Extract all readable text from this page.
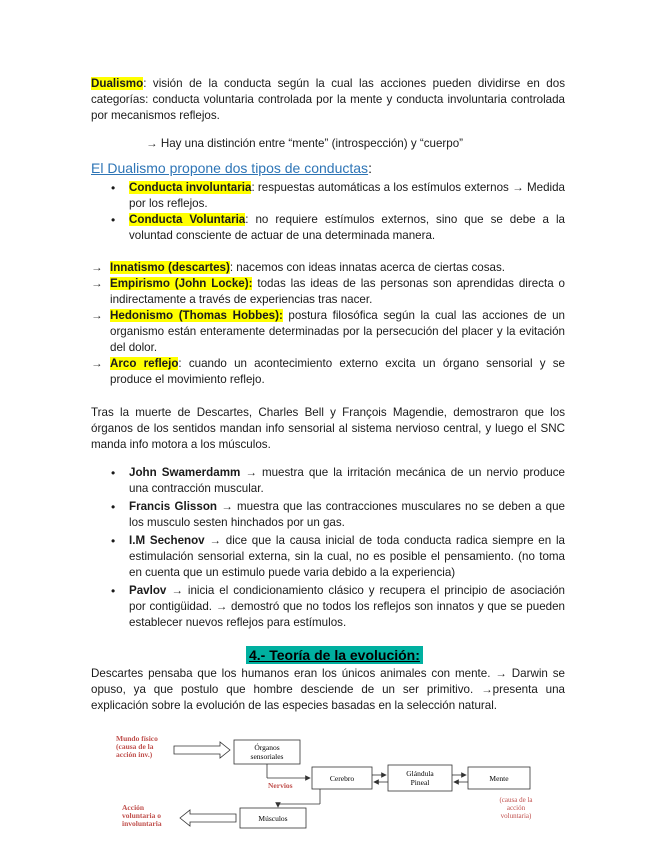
Dualismo: visión de la conducta según la cual las acciones pueden dividirse en dos categorías: conducta voluntaria controlada por la mente y conducta involuntaria controlada por mecanismos reflejos.

→ Hay una distinción entre “mente” (introspección) y “cuerpo”
El Dualismo propone dos tipos de conductas:
• Conducta involuntaria: respuestas automáticas a los estímulos externos → Medida por los reflejos.
• Conducta Voluntaria: no requiere estímulos externos, sino que se debe a la voluntad consciente de actuar de una determinada manera.
→ Innatismo (descartes): nacemos con ideas innatas acerca de ciertas cosas.
→ Empirismo (John Locke): todas las ideas de las personas son aprendidas directa o indirectamente a través de experiencias tras nacer.
→ Hedonismo (Thomas Hobbes): postura filosófica según la cual las acciones de un organismo están enteramente determinadas por la persecución del placer y la evitación del dolor.
→ Arco reflejo: cuando un acontecimiento externo excita un órgano sensorial y se produce el movimiento reflejo.

Tras la muerte de Descartes, Charles Bell y François Magendie, demostraron que los órganos de los sentidos mandan info sensorial al sistema nervioso central, y luego el SNC manda info motora a los músculos.

• John Swamerdamm → muestra que la irritación mecánica de un nervio produce una contracción muscular.
• Francis Glisson → muestra que las contracciones musculares no se deben a que los musculo sesten hinchados por un gas.
• I.M Sechenov → dice que la causa inicial de toda conducta radica siempre en la estimulación sensorial externa, sin la cual, no es posible el pensamiento. (no toma en cuenta que un estimulo puede varia debido a la experiencia)
• Pavlov → inicia el condicionamiento clásico y recupera el principio de asociación por contigüidad. → demostró que no todos los reflejos son innatos y que se pueden establecer nuevos reflejos para estímulos.
4.- Teoría de la evolución:

Descartes pensaba que los humanos eran los únicos animales con mente. → Darwin se opuso, ya que postulo que hombre desciende de un ser primitivo. →presenta una explicación sobre la evolución de las especies basadas en la selección natural.

Mundo físico
(causa de la
acción inv.)
Órganos
sensoriales
Nervios
Cerebro
Glándula
Pineal	Mente
(causa de la
acción
voluntaria)
Músculos
Acción
voluntaria o
involuntaria
